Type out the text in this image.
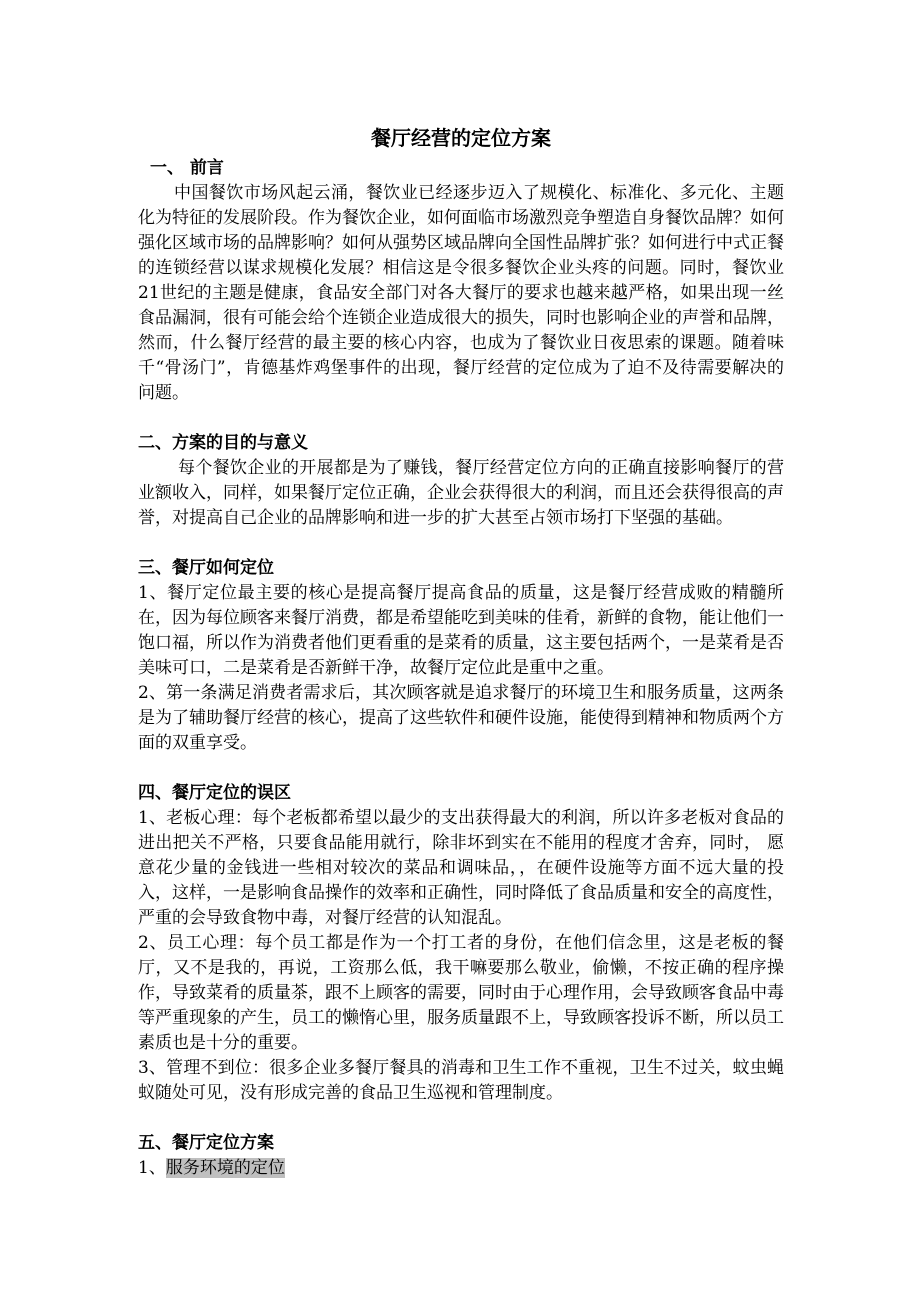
餐厅经营的定位方案

一、 前言

中国餐饮市场风起云涌，餐饮业已经逐步迈入了规模化、标准化、多元化、主题化为特征的发展阶段。作为餐饮企业，如何面临市场激烈竞争塑造自身餐饮品牌？如何强化区域市场的品牌影响？如何从强势区域品牌向全国性品牌扩张？如何进行中式正餐的连锁经营以谋求规模化发展？相信这是令很多餐饮企业头疼的问题。同时，餐饮业21世纪的主题是健康，食品安全部门对各大餐厅的要求也越来越严格，如果出现一丝食品漏洞，很有可能会给个连锁企业造成很大的损失，同时也影响企业的声誉和品牌，然而，什么餐厅经营的最主要的核心内容，也成为了餐饮业日夜思索的课题。随着味千“骨汤门”，肯德基炸鸡堡事件的出现，餐厅经营的定位成为了迫不及待需要解决的问题。

二、方案的目的与意义

每个餐饮企业的开展都是为了赚钱，餐厅经营定位方向的正确直接影响餐厅的营业额收入，同样，如果餐厅定位正确，企业会获得很大的利润，而且还会获得很高的声誉，对提高自己企业的品牌影响和进一步的扩大甚至占领市场打下坚强的基础。

三、餐厅如何定位

1、餐厅定位最主要的核心是提高餐厅提高食品的质量，这是餐厅经营成败的精髓所在，因为每位顾客来餐厅消费，都是希望能吃到美味的佳肴，新鲜的食物，能让他们一饱口福，所以作为消费者他们更看重的是菜肴的质量，这主要包括两个，一是菜肴是否美味可口，二是菜肴是否新鲜干净，故餐厅定位此是重中之重。

2、第一条满足消费者需求后，其次顾客就是追求餐厅的环境卫生和服务质量，这两条是为了辅助餐厅经营的核心，提高了这些软件和硬件设施，能使得到精神和物质两个方面的双重享受。

四、餐厅定位的误区

1、老板心理：每个老板都希望以最少的支出获得最大的利润，所以许多老板对食品的进出把关不严格，只要食品能用就行，除非坏到实在不能用的程度才舍弃，同时， 愿意花少量的金钱进一些相对较次的菜品和调味品，，在硬件设施等方面不远大量的投入，这样，一是影响食品操作的效率和正确性，同时降低了食品质量和安全的高度性，严重的会导致食物中毒，对餐厅经营的认知混乱。

2、员工心理：每个员工都是作为一个打工者的身份，在他们信念里，这是老板的餐厅，又不是我的，再说，工资那么低，我干嘛要那么敬业，偷懒，不按正确的程序操作，导致菜肴的质量茶，跟不上顾客的需要，同时由于心理作用，会导致顾客食品中毒等严重现象的产生，员工的懒惰心里，服务质量跟不上，导致顾客投诉不断，所以员工素质也是十分的重要。

3、管理不到位：很多企业多餐厅餐具的消毒和卫生工作不重视，卫生不过关，蚊虫蝇蚁随处可见，没有形成完善的食品卫生巡视和管理制度。

五、餐厅定位方案

1、服务环境的定位
